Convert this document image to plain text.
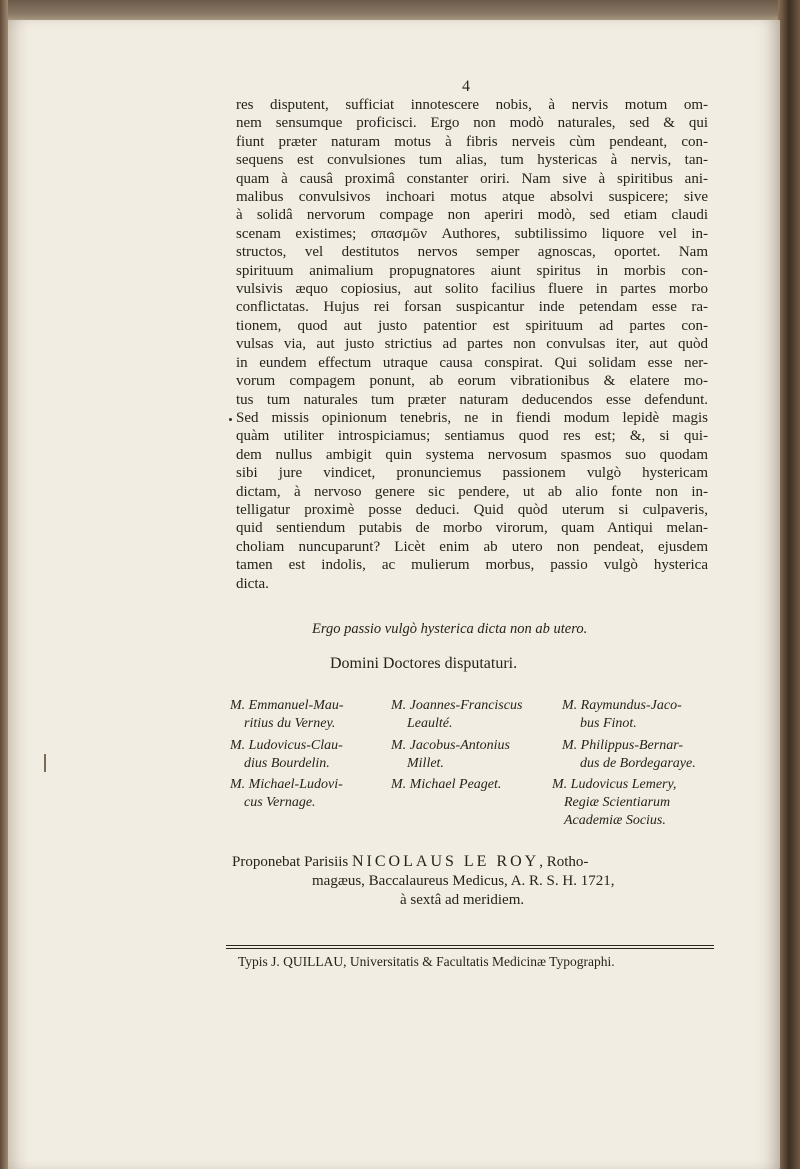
4
res disputent, sufficiat innotescere nobis, à nervis motum om-
nem sensumque proficisci. Ergo non modò naturales, sed & qui
fiunt præter naturam motus à fibris nerveis cùm pendeant, con-
sequens est convulsiones tum alias, tum hystericas à nervis, tan-
quam à causâ proximâ constanter oriri. Nam sive à spiritibus ani-
malibus convulsivos inchoari motus atque absolvi suspicere; sive
à solidâ nervorum compage non aperiri modò, sed etiam claudi
scenam existimes; σπασμῶν Authores, subtilissimo liquore vel in-
structos, vel destitutos nervos semper agnoscas, oportet. Nam
spirituum animalium propugnatores aiunt spiritus in morbis con-
vulsivis æquo copiosius, aut solito facilius fluere in partes morbo
conflictatas. Hujus rei forsan suspicantur inde petendam esse ra-
tionem, quod aut justo patentior est spirituum ad partes con-
vulsas via, aut justo strictius ad partes non convulsas iter, aut quòd
in eundem effectum utraque causa conspirat. Qui solidam esse ner-
vorum compagem ponunt, ab eorum vibrationibus & elatere mo-
tus tum naturales tum præter naturam deducendos esse defendunt.
Sed missis opinionum tenebris, ne in fiendi modum lepidè magis
quàm utiliter introspiciamus; sentiamus quod res est; &, si qui-
dem nullus ambigit quin systema nervosum spasmos suo quodam
sibi jure vindicet, pronunciemus passionem vulgò hystericam
dictam, à nervoso genere sic pendere, ut ab alio fonte non in-
telligatur proximè posse deduci. Quid quòd uterum si culpaveris,
quid sentiendum putabis de morbo virorum, quam Antiqui melan-
choliam nuncuparunt? Licèt enim ab utero non pendeat, ejusdem
tamen est indolis, ac mulierum morbus, passio vulgò hysterica
dicta.
Ergo passio vulgò hysterica dicta non ab utero.
Domini Doctores disputaturi.
M. Emmanuel-Mau-
ritius du Verney.
M. Joannes-Franciscus
Leaulté.
M. Raymundus-Jaco-
bus Finot.
M. Ludovicus-Clau-
dius Bourdelin.
M. Jacobus-Antonius
Millet.
M. Philippus-Bernar-
dus de Bordegaraye.
M. Michael-Ludovi-
cus Vernage.
M. Michael Peaget.	M. Ludovicus Lemery,
Regiæ Scientiarum
Academiæ Socius.
Proponebat Parisiis NICOLAUS LE ROY, Rotho-
magæus, Baccalaureus Medicus, A. R. S. H. 1721,
à sextâ ad meridiem.
Typis J. QUILLAU, Universitatis & Facultatis Medicinæ Typographi.
